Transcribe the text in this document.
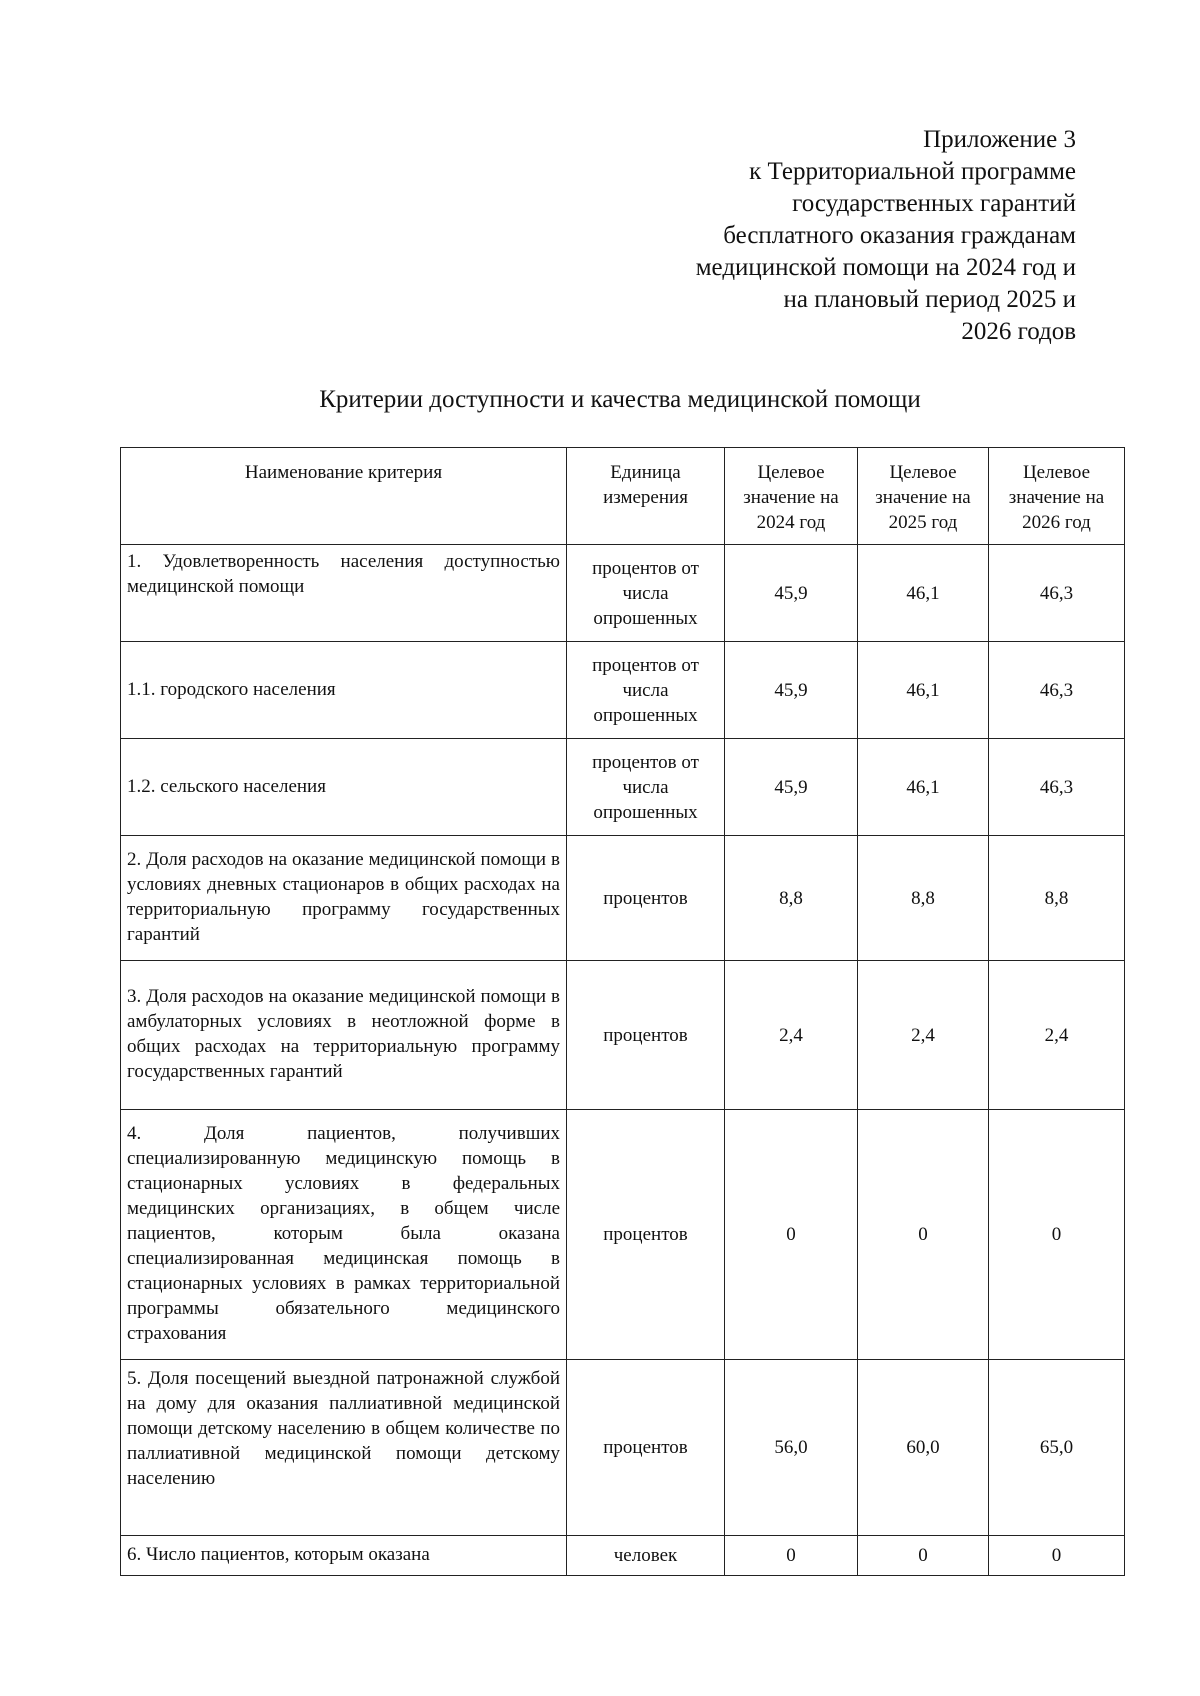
Приложение 3
к Территориальной программе
государственных гарантий
бесплатного оказания гражданам
медицинской помощи на 2024 год и
на плановый период 2025 и
2026 годов
Критерии доступности и качества медицинской помощи
Наименование критерия	Единица измерения	Целевое значение на 2024 год	Целевое значение на 2025 год	Целевое значение на 2026 год
1. Удовлетворенность населения доступностью медицинской помощи	процентов от числа опрошенных	45,9	46,1	46,3
1.1. городского населения	процентов от числа опрошенных	45,9	46,1	46,3
1.2. сельского населения	процентов от числа опрошенных	45,9	46,1	46,3
2. Доля расходов на оказание медицинской помощи в условиях дневных стационаров в общих расходах на территориальную программу государственных гарантий	процентов	8,8	8,8	8,8
3. Доля расходов на оказание медицинской помощи в амбулаторных условиях в неотложной форме в общих расходах на территориальную программу государственных гарантий	процентов	2,4	2,4	2,4
4. Доля пациентов, получивших специализированную медицинскую помощь в стационарных условиях в федеральных медицинских организациях, в общем числе пациентов, которым была оказана специализированная медицинская помощь в стационарных условиях в рамках территориальной программы обязательного медицинского страхования	процентов	0	0	0
5. Доля посещений выездной патронажной службой на дому для оказания паллиативной медицинской помощи детскому населению в общем количестве по паллиативной медицинской помощи детскому населению	процентов	56,0	60,0	65,0
6. Число пациентов, которым оказана	человек	0	0	0
